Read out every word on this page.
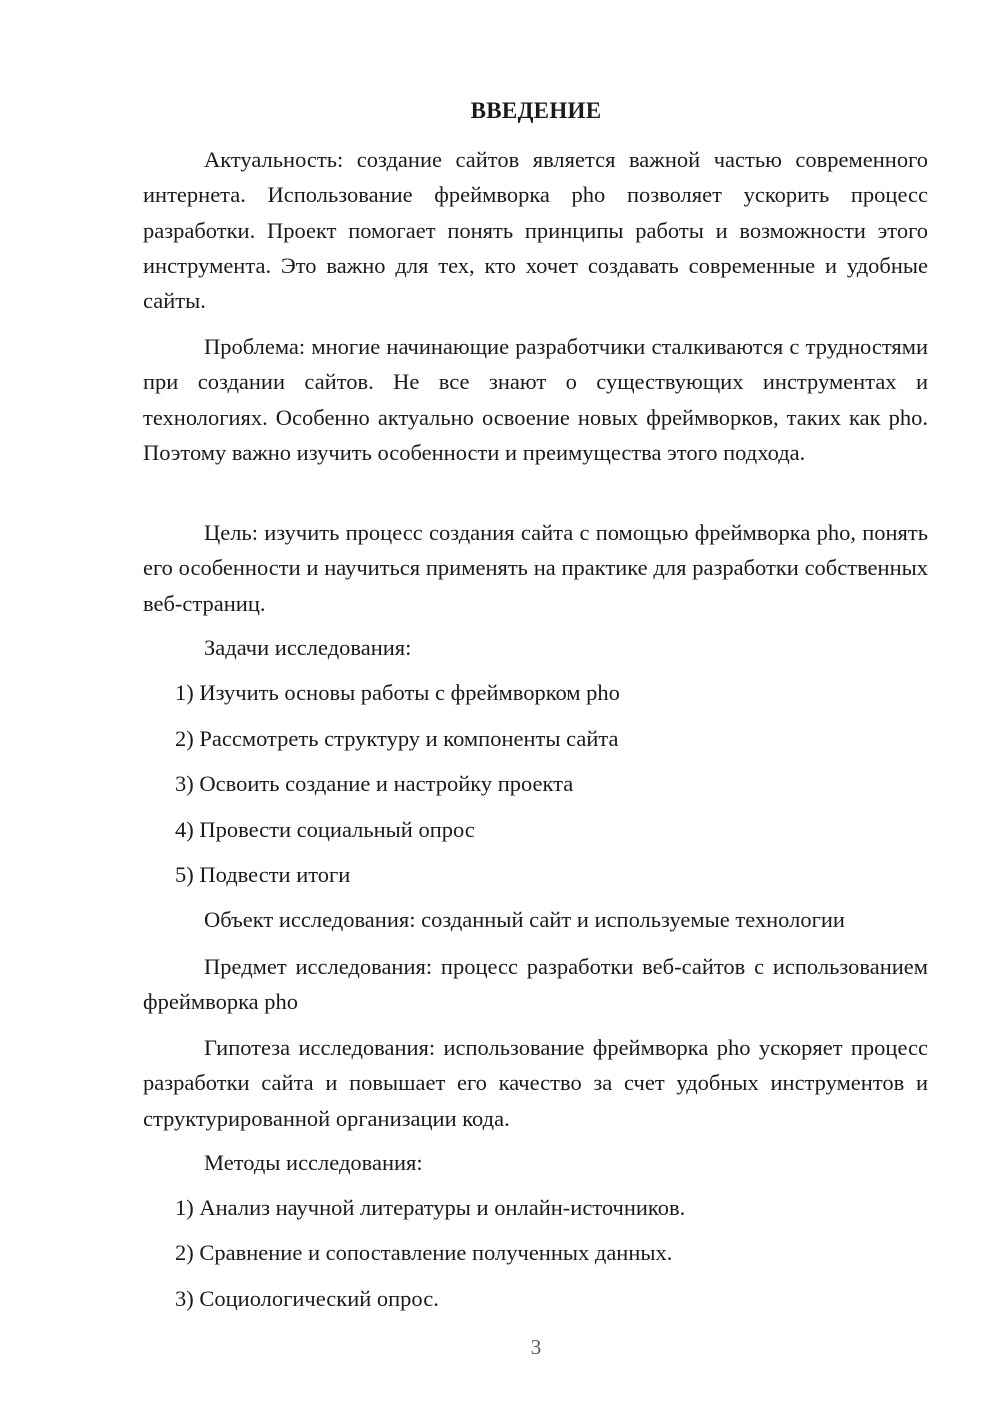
ВВЕДЕНИЕ

Актуальность: создание сайтов является важной частью современного интернета. Использование фреймворка pho позволяет ускорить процесс разработки. Проект помогает понять принципы работы и возможности этого инструмента. Это важно для тех, кто хочет создавать современные и удобные сайты.

Проблема: многие начинающие разработчики сталкиваются с трудностями при создании сайтов. Не все знают о существующих инструментах и технологиях. Особенно актуально освоение новых фреймворков, таких как pho. Поэтому важно изучить особенности и преимущества этого подхода.

Цель: изучить процесс создания сайта с помощью фреймворка pho, понять его особенности и научиться применять на практике для разработки собственных веб-страниц.

Задачи исследования:

1) Изучить основы работы с фреймворком pho

2) Рассмотреть структуру и компоненты сайта

3) Освоить создание и настройку проекта

4) Провести социальный опрос

5) Подвести итоги

Объект исследования: созданный сайт и используемые технологии

Предмет исследования: процесс разработки веб-сайтов с использованием фреймворка pho

Гипотеза исследования: использование фреймворка pho ускоряет процесс разработки сайта и повышает его качество за счет удобных инструментов и структурированной организации кода.

Методы исследования:

1) Анализ научной литературы и онлайн-источников.

2) Сравнение и сопоставление полученных данных.

3) Социологический опрос.

3
